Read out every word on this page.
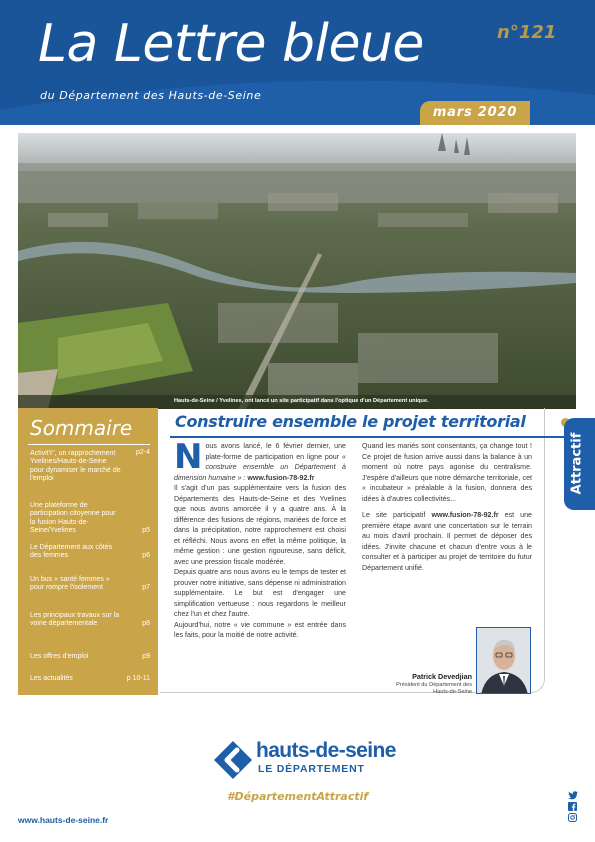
La Lettre bleue	n°121
du Département des Hauts-de-Seine
mars 2020
Hauts-de-Seine / Yvelines, ont lancé un site participatif dans l'optique d'un Département unique.
Sommaire
ActivitY', un rapprochement Yvelines/Hauts-de-Seine pour dynamiser le marché de l'emploi
p2-4
Une plateforme de participation citoyenne pour la fusion Hauts-de-Seine/Yvelines	p5
Le Département aux côtés des femmes	p6
Un bus « santé femmes » pour rompre l'isolement	p7
Les principaux travaux sur la voirie départementale	p8
Les offres d'emploi	p9
Les actualités	p 10-11
Construire ensemble le projet territorial
Attractif
N ous avons lancé, le 6 février dernier, une plate-forme de participation en ligne pour « construire ensemble un Département à dimension humaine » : www.fusion-78-92.fr

Il s'agit d'un pas supplémentaire vers la fusion des Départements des Hauts-de-Seine et des Yvelines que nous avons amorcée il y a quatre ans. À la différence des fusions de régions, mariées de force et dans la précipitation, notre rapprochement est choisi et réfléchi. Nous avons en effet la même politique, la même gestion : une gestion rigoureuse, sans déficit, avec une pression fiscale modérée.

Depuis quatre ans nous avons eu le temps de tester et prouver notre initiative, sans dépense ni administration supplémentaire. Le but est d'engager une simplification vertueuse : nous regardons le meilleur chez l'un et chez l'autre.

Aujourd'hui, notre « vie commune » est entrée dans les faits, pour la moitié de notre activité.

Quand les mariés sont consentants, ça change tout ! Ce projet de fusion arrive aussi dans la balance à un moment où notre pays agonise du centralisme. J'espère d'ailleurs que notre démarche territoriale, cet « incubateur » préalable à la fusion, donnera des idées à d'autres collectivités...

Le site participatif www.fusion-78-92.fr est une première étape avant une concertation sur le terrain au mois d'avril prochain. Il permet de déposer des idées. J'invite chacune et chacun d'entre vous à le consulter et à participer au projet de territoire du futur Département unifié.

Patrick Devedjian
Président du Département des Hauts-de-Seine
hauts-de-seine
LE DÉPARTEMENT
#DépartementAttractif
www.hauts-de-seine.fr
